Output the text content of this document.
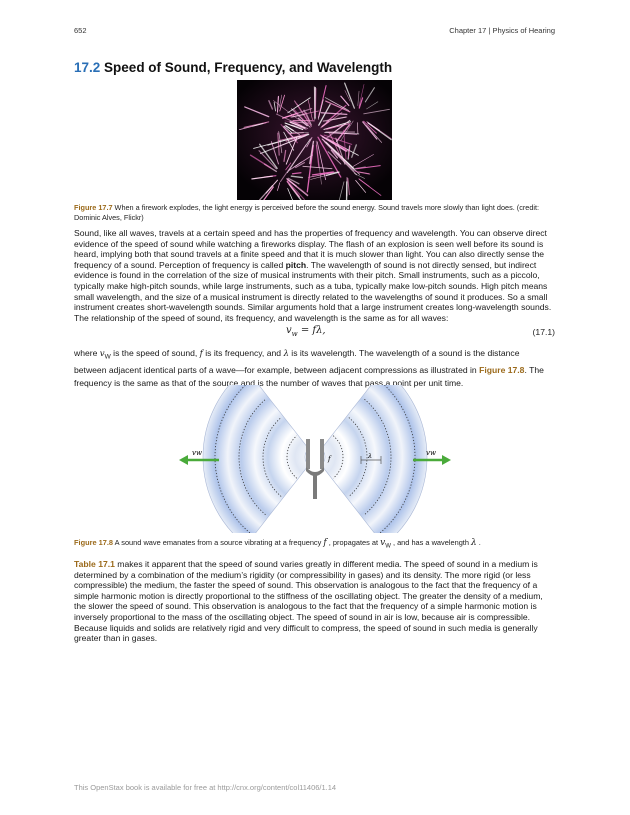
652	Chapter 17 | Physics of Hearing
17.2 Speed of Sound, Frequency, and Wavelength
Figure 17.7 When a firework explodes, the light energy is perceived before the sound energy. Sound travels more slowly than light does. (credit: Dominic Alves, Flickr)
Sound, like all waves, travels at a certain speed and has the properties of frequency and wavelength. You can observe direct evidence of the speed of sound while watching a fireworks display. The flash of an explosion is seen well before its sound is heard, implying both that sound travels at a finite speed and that it is much slower than light. You can also directly sense the frequency of a sound. Perception of frequency is called pitch. The wavelength of sound is not directly sensed, but indirect evidence is found in the correlation of the size of musical instruments with their pitch. Small instruments, such as a piccolo, typically make high-pitch sounds, while large instruments, such as a tuba, typically make low-pitch sounds. High pitch means small wavelength, and the size of a musical instrument is directly related to the wavelengths of sound it produces. So a small instrument creates short-wavelength sounds. Similar arguments hold that a large instrument creates long-wavelength sounds.
The relationship of the speed of sound, its frequency, and wavelength is the same as for all waves:
$v_w = f\lambda$,	(17.1)
where $v_W$ is the speed of sound, f is its frequency, and λ is its wavelength. The wavelength of a sound is the distance between adjacent identical parts of a wave—for example, between adjacent compressions as illustrated in Figure 17.8. The frequency is the same as that of the source and is the number of waves that pass a point per unit time.
vw	vw
f	λ
Figure 17.8 A sound wave emanates from a source vibrating at a frequency f , propagates at $v_W$ , and has a wavelength λ .
Table 17.1 makes it apparent that the speed of sound varies greatly in different media. The speed of sound in a medium is determined by a combination of the medium’s rigidity (or compressibility in gases) and its density. The more rigid (or less compressible) the medium, the faster the speed of sound. This observation is analogous to the fact that the frequency of a simple harmonic motion is directly proportional to the stiffness of the oscillating object. The greater the density of a medium, the slower the speed of sound. This observation is analogous to the fact that the frequency of a simple harmonic motion is inversely proportional to the mass of the oscillating object. The speed of sound in air is low, because air is compressible. Because liquids and solids are relatively rigid and very difficult to compress, the speed of sound in such media is generally greater than in gases.
This OpenStax book is available for free at http://cnx.org/content/col11406/1.14
